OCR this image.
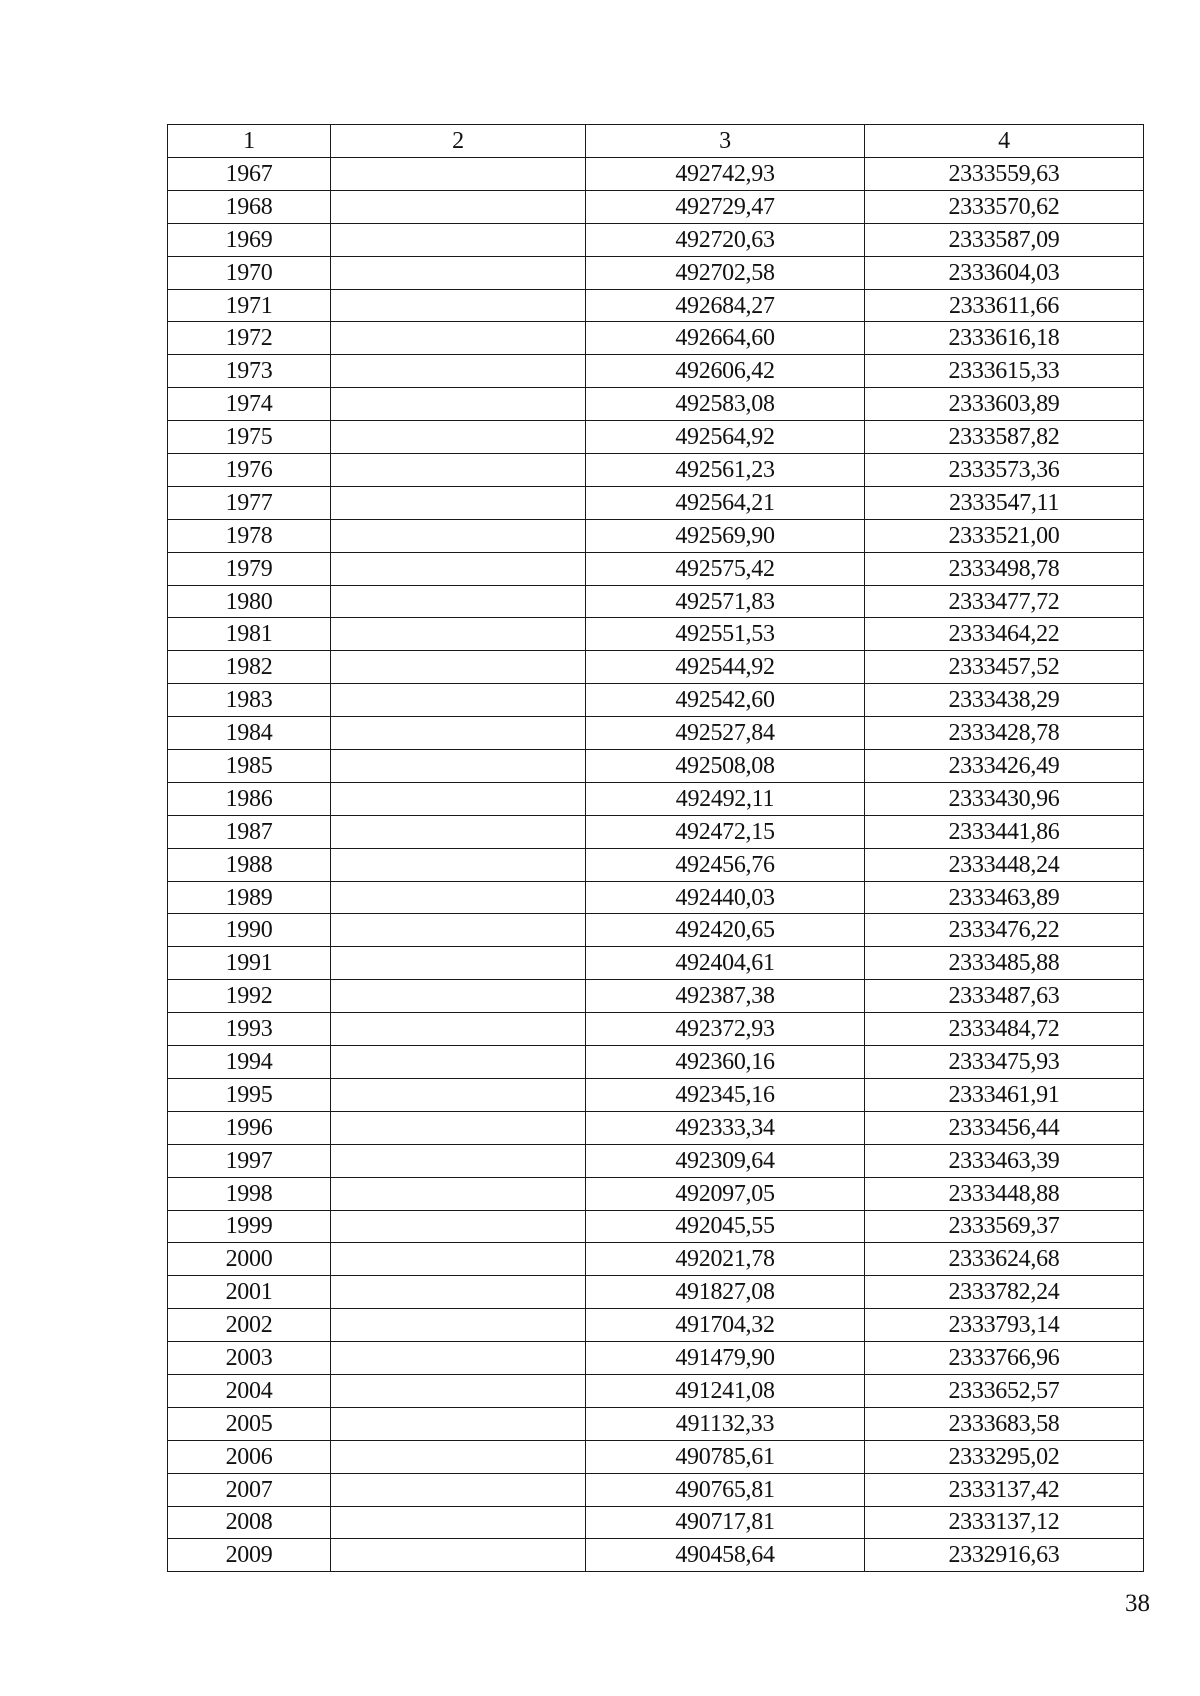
1	2	3	4
1967		492742,93	2333559,63
1968		492729,47	2333570,62
1969		492720,63	2333587,09
1970		492702,58	2333604,03
1971		492684,27	2333611,66
1972		492664,60	2333616,18
1973		492606,42	2333615,33
1974		492583,08	2333603,89
1975		492564,92	2333587,82
1976		492561,23	2333573,36
1977		492564,21	2333547,11
1978		492569,90	2333521,00
1979		492575,42	2333498,78
1980		492571,83	2333477,72
1981		492551,53	2333464,22
1982		492544,92	2333457,52
1983		492542,60	2333438,29
1984		492527,84	2333428,78
1985		492508,08	2333426,49
1986		492492,11	2333430,96
1987		492472,15	2333441,86
1988		492456,76	2333448,24
1989		492440,03	2333463,89
1990		492420,65	2333476,22
1991		492404,61	2333485,88
1992		492387,38	2333487,63
1993		492372,93	2333484,72
1994		492360,16	2333475,93
1995		492345,16	2333461,91
1996		492333,34	2333456,44
1997		492309,64	2333463,39
1998		492097,05	2333448,88
1999		492045,55	2333569,37
2000		492021,78	2333624,68
2001		491827,08	2333782,24
2002		491704,32	2333793,14
2003		491479,90	2333766,96
2004		491241,08	2333652,57
2005		491132,33	2333683,58
2006		490785,61	2333295,02
2007		490765,81	2333137,42
2008		490717,81	2333137,12
2009		490458,64	2332916,63
38
